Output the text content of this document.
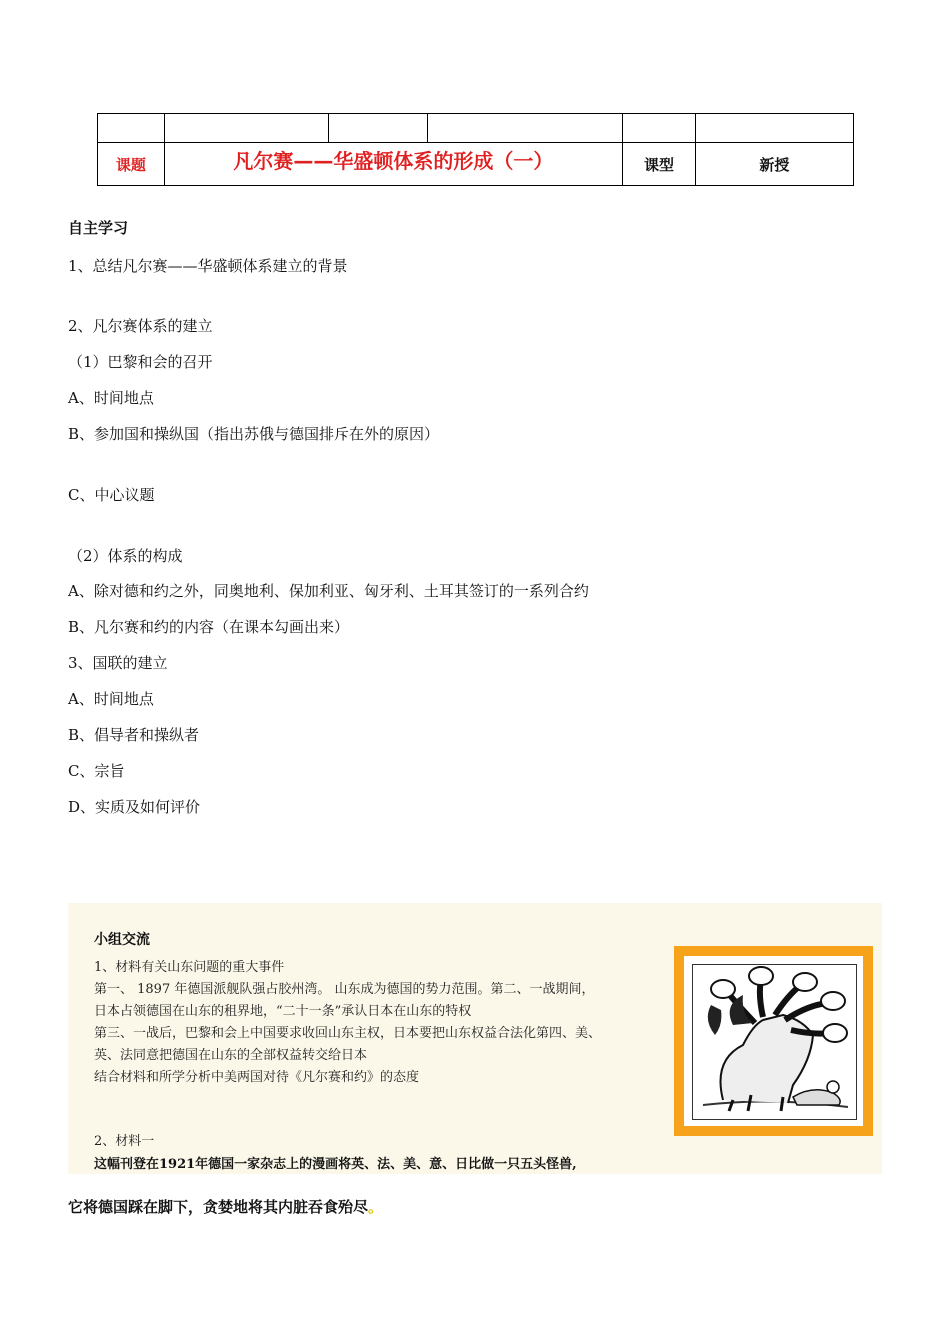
课题	凡尔赛——华盛顿体系的形成（一）			课型	新授
自主学习
1、总结凡尔赛——华盛顿体系建立的背景
2、凡尔赛体系的建立
（1）巴黎和会的召开
A、时间地点
B、参加国和操纵国（指出苏俄与德国排斥在外的原因）
C、中心议题
（2）体系的构成
A、除对德和约之外，同奥地利、保加利亚、匈牙利、土耳其签订的一系列合约
B、凡尔赛和约的内容（在课本勾画出来）
3、国联的建立
A、时间地点
B、倡导者和操纵者
C、宗旨
D、实质及如何评价
小组交流
1、材料有关山东问题的重大事件
第一、 1897 年德国派舰队强占胶州湾。 山东成为德国的势力范围。第二、一战期间，
日本占领德国在山东的租界地，“二十一条”承认日本在山东的特权
第三、一战后，巴黎和会上中国要求收回山东主权，日本要把山东权益合法化第四、美、
英、法同意把德国在山东的全部权益转交给日本
结合材料和所学分析中美两国对待《凡尔赛和约》的态度
2、材料一
这幅刊登在1921年德国一家杂志上的漫画将英、法、美、意、日比做一只五头怪兽,
它将德国踩在脚下，贪婪地将其内脏吞食殆尽。
